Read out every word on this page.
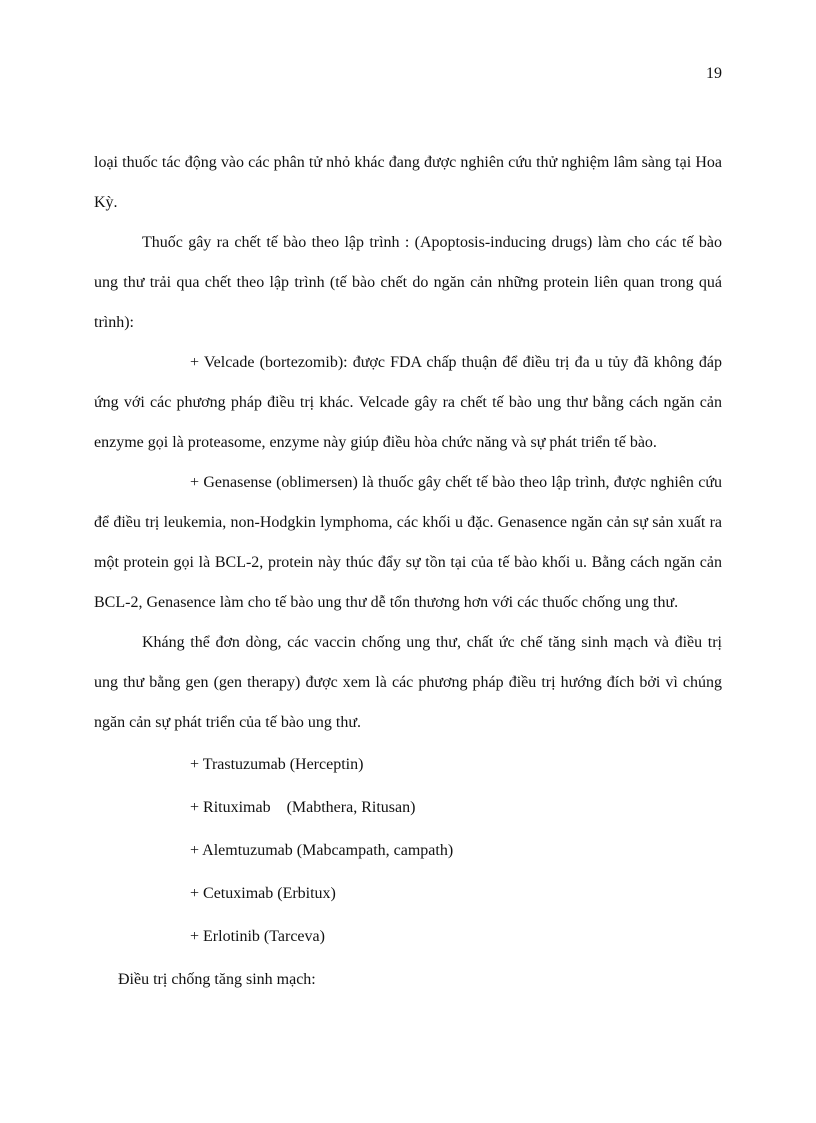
19

loại thuốc tác động vào các phân tử nhỏ khác đang được nghiên cứu thử nghiệm lâm sàng tại Hoa Kỳ.

Thuốc gây ra chết tế bào theo lập trình : (Apoptosis-inducing drugs) làm cho các tế bào ung thư trải qua chết theo lập trình (tế bào chết do ngăn cản những protein liên quan trong quá trình):

+ Velcade (bortezomib): được FDA chấp thuận để điều trị đa u tủy đã không đáp ứng với các phương pháp điều trị khác. Velcade gây ra chết tế bào ung thư bằng cách ngăn cản enzyme gọi là proteasome, enzyme này giúp điều hòa chức năng và sự phát triển tế bào.

+ Genasense (oblimersen) là thuốc gây chết tế bào theo lập trình, được nghiên cứu để điều trị leukemia, non-Hodgkin lymphoma, các khối u đặc. Genasence ngăn cản sự sản xuất ra một protein gọi là BCL-2, protein này thúc đẩy sự tồn tại của tế bào khối u. Bằng cách ngăn cản BCL-2, Genasence làm cho tế bào ung thư dễ tổn thương hơn với các thuốc chống ung thư.

Kháng thể đơn dòng, các vaccin chống ung thư, chất ức chế tăng sinh mạch và điều trị ung thư bằng gen (gen therapy) được xem là các phương pháp điều trị hướng đích bởi vì chúng ngăn cản sự phát triển của tế bào ung thư.

+ Trastuzumab (Herceptin)
+ Rituximab    (Mabthera, Ritusan)
+ Alemtuzumab (Mabcampath, campath)
+ Cetuximab (Erbitux)
+ Erlotinib (Tarceva)

Điều trị chống tăng sinh mạch:
